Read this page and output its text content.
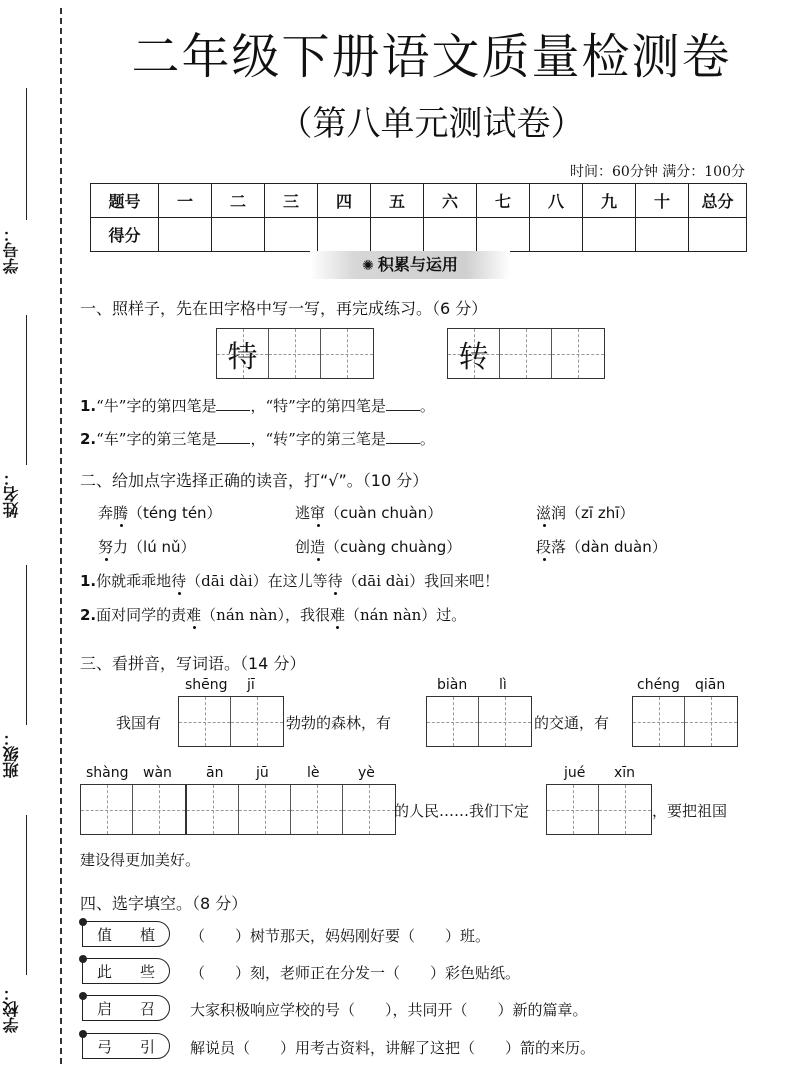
学号：
姓名：
班级：
学校：
二年级下册语文质量检测卷
（第八单元测试卷）
时间：60分钟 满分：100分
题号	一	二	三	四	五	六	七	八	九	十	总分
得分											
✺ 积累与运用
一、照样子，先在田字格中写一写，再完成练习。（6 分）
特	转
1.“牛”字的第四笔是 ，“特”字的第四笔是 。
2.“车”字的第三笔是 ，“转”字的第三笔是 。
二、给加点字选择正确的读音，打“√”。（10 分）
奔腾（téng tén）	逃窜（cuàn chuàn）	滋润（zī zhī）
努力（lú nǔ）	创造（cuàng chuàng）	段落（dàn duàn）
1.你就乖乖地待（dāi dài）在这儿等待（dāi dài）我回来吧！
2.面对同学的责难（nán nàn），我很难（nán nàn）过。
三、看拼音，写词语。（14 分）
shēng jī	biàn lì	chéng qiān
我国有	勃勃的森林，有	的交通，有
shàng wàn ān jū	lè	yè	jué xīn
的人民……我们下定	，要把祖国
建设得更加美好。
四、选字填空。（8 分）
值 植 （　　）树节那天，妈妈刚好要（　　）班。
此 些 （　　）刻，老师正在分发一（　　）彩色贴纸。
启 召 大家积极响应学校的号（　　），共同开（　　）新的篇章。
弓 引 解说员（　　）用考古资料，讲解了这把（　　）箭的来历。
